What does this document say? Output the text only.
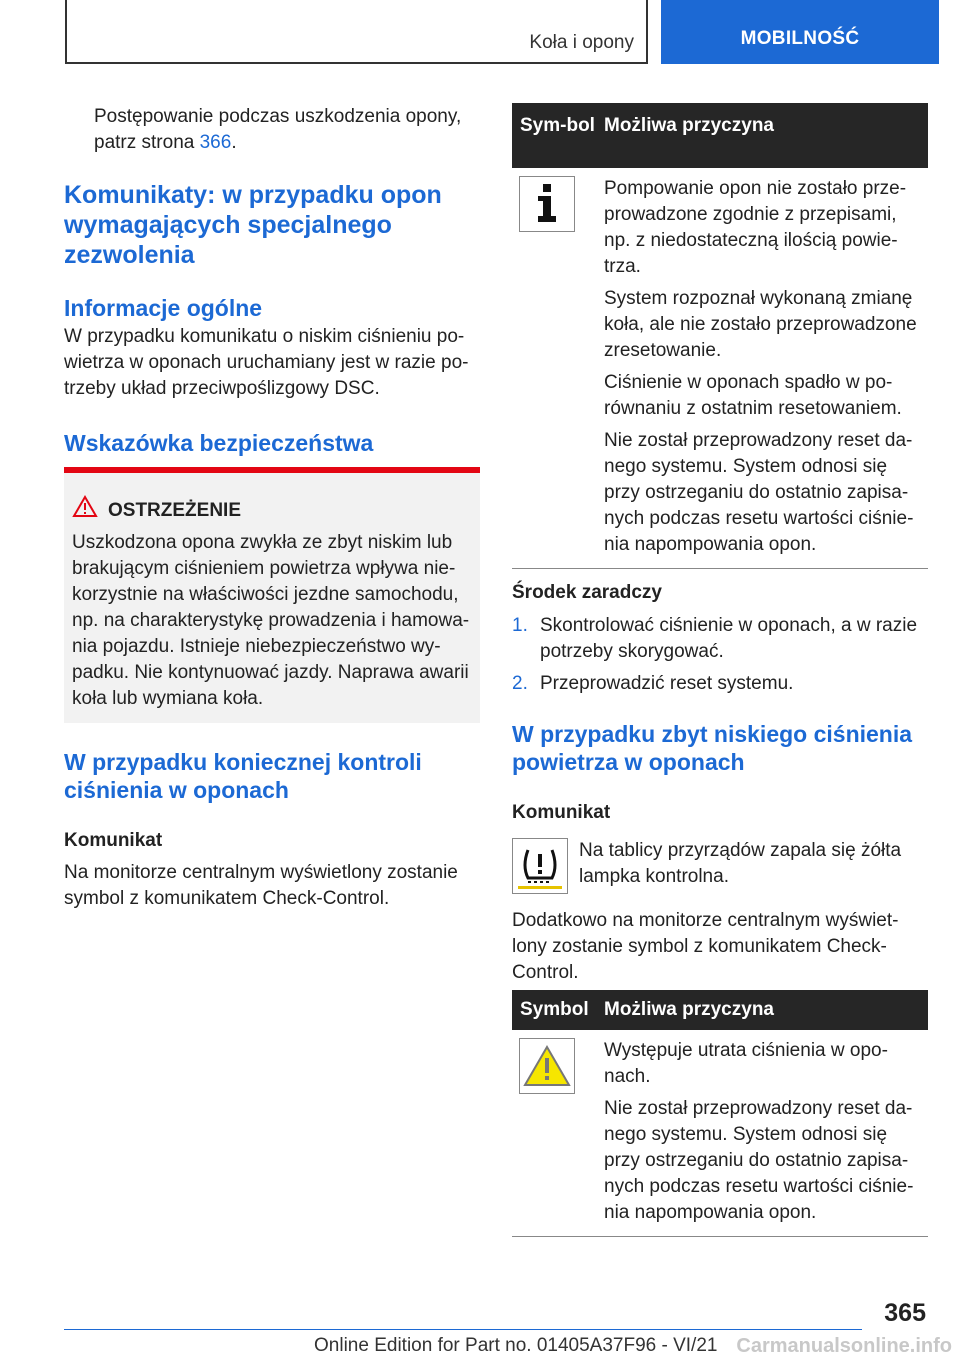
Koła i opony	MOBILNOŚĆ
Postępowanie podczas uszkodzenia opony, patrz strona 366.
Komunikaty: w przypadku opon wymagających specjalnego zezwolenia
Informacje ogólne

W przypadku komunikatu o niskim ciśnieniu po-wietrza w oponach uruchamiany jest w razie po-trzeby układ przeciwpoślizgowy DSC.

Wskazówka bezpieczeństwa
OSTRZEŻENIE

Uszkodzona opona zwykła ze zbyt niskim lub brakującym ciśnieniem powietrza wpływa nie-korzystnie na właściwości jezdne samochodu, np. na charakterystykę prowadzenia i hamowa-nia pojazdu. Istnieje niebezpieczeństwo wy-padku. Nie kontynuować jazdy. Naprawa awarii koła lub wymiana koła.

W przypadku koniecznej kontroli ciśnienia w oponach

Komunikat

Na monitorze centralnym wyświetlony zostanie symbol z komunikatem Check-Control.

Sym-bol Możliwa przyczyna

Pompowanie opon nie zostało prze-prowadzone zgodnie z przepisami, np. z niedostateczną ilością powie-trza.

System rozpoznał wykonaną zmianę koła, ale nie zostało przeprowadzone zresetowanie.

Ciśnienie w oponach spadło w po-równaniu z ostatnim resetowaniem.

Nie został przeprowadzony reset da-nego systemu. System odnosi się przy ostrzeganiu do ostatnio zapisa-nych podczas resetu wartości ciśnie-nia napompowania opon.

Środek zaradczy

1. Skontrolować ciśnienie w oponach, a w razie potrzeby skorygować.
2. Przeprowadzić reset systemu.
W przypadku zbyt niskiego ciśnienia powietrza w oponach

Komunikat

Na tablicy przyrządów zapala się żółta lampka kontrolna.

Dodatkowo na monitorze centralnym wyświet-lony zostanie symbol z komunikatem Check-Control.

Symbol Możliwa przyczyna

Występuje utrata ciśnienia w opo-nach.

Nie został przeprowadzony reset da-nego systemu. System odnosi się przy ostrzeganiu do ostatnio zapisa-nych podczas resetu wartości ciśnie-nia napompowania opon.

365
Online Edition for Part no. 01405A37F96 - VI/21 Carmanualsonline.info
